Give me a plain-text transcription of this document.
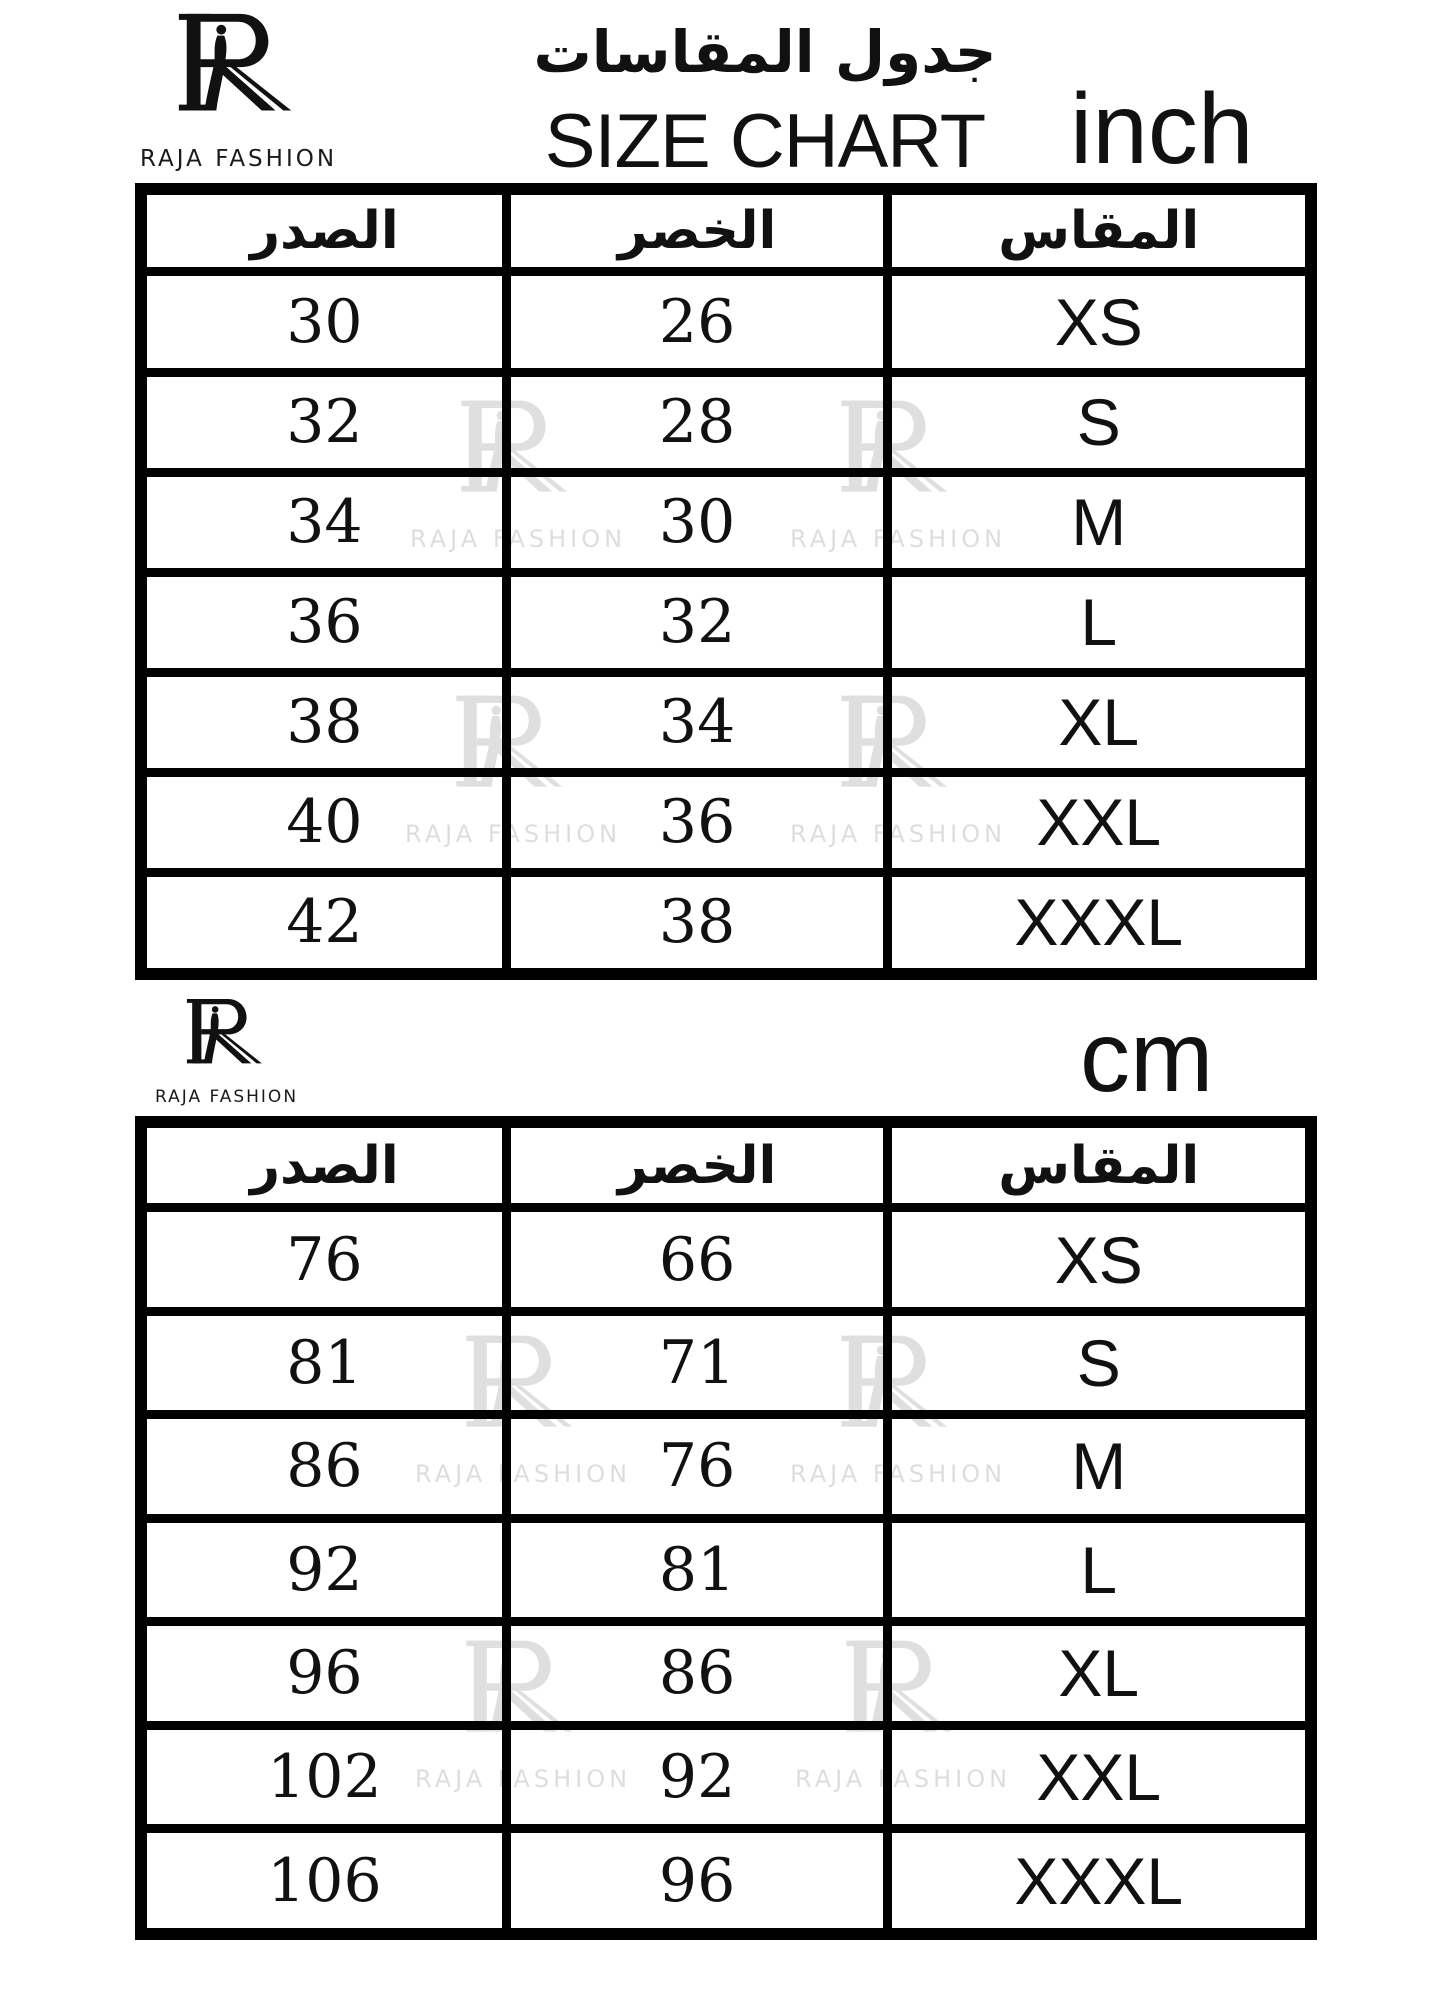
RAJA FASHION
جدول المقاسات
SIZE CHART inch
الصدر	الخصر	المقاس
30	26	XS
32	28	S
34	30	M
36	32	L
38	34	XL
40	36	XXL
42	38	XXXL
RAJA FASHION	RAJA FASHION
RAJA FASHION	RAJA FASHION
RAJA FASHION	cm
الصدر	الخصر	المقاس
76	66	XS
81	71	S
86	76	M
92	81	L
96	86	XL
102	92	XXL
106	96	XXXL
RAJA FASHION	RAJA FASHION
RAJA FASHION	RAJA FASHION
